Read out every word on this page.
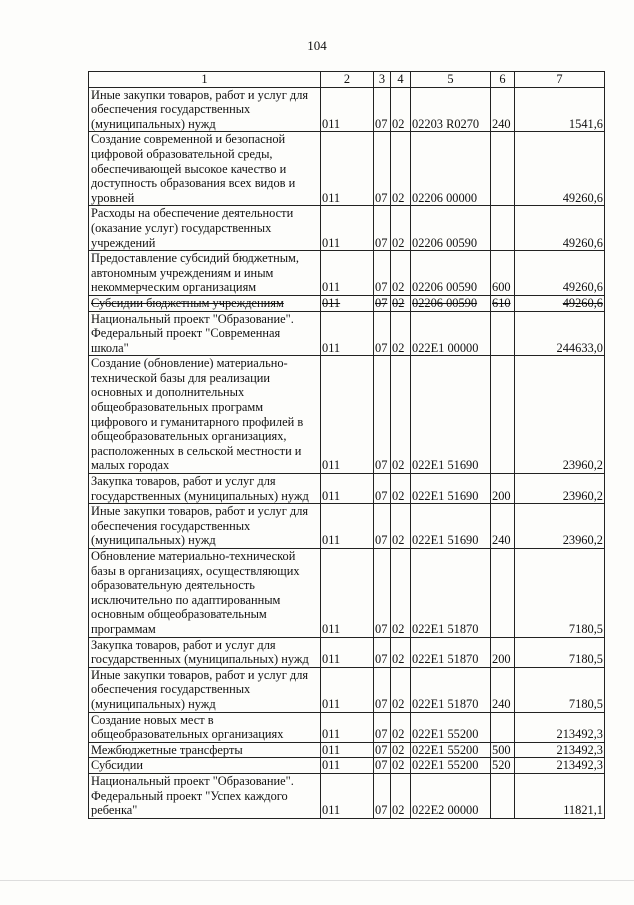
104
1	2	3	4	5	6	7
Иные закупки товаров, работ и услуг для обеспечения государственных (муниципальных) нужд	011	07	02	02203 R0270	240	1541,6
Создание современной и безопасной цифровой образовательной среды, обеспечивающей высокое качество и доступность образования всех видов и уровней	011	07	02	02206 00000		49260,6
Расходы на обеспечение деятельности (оказание услуг) государственных учреждений	011	07	02	02206 00590		49260,6
Предоставление субсидий бюджетным, автономным учреждениям и иным некоммерческим организациям	011	07	02	02206 00590	600	49260,6
Субсидии бюджетным учреждениям	011	07	02	02206 00590	610	49260,6
Национальный проект "Образование". Федеральный проект "Современная школа"	011	07	02	022E1 00000		244633,0
Создание (обновление) материально-технической базы для реализации основных и дополнительных общеобразовательных программ цифрового и гуманитарного профилей в общеобразовательных организациях, расположенных в сельской местности и малых городах	011	07	02	022E1 51690		23960,2
Закупка товаров, работ и услуг для государственных (муниципальных) нужд	011	07	02	022E1 51690	200	23960,2
Иные закупки товаров, работ и услуг для обеспечения государственных (муниципальных) нужд	011	07	02	022E1 51690	240	23960,2
Обновление материально-технической базы в организациях, осуществляющих образовательную деятельность исключительно по адаптированным основным общеобразовательным программам	011	07	02	022E1 51870		7180,5
Закупка товаров, работ и услуг для государственных (муниципальных) нужд	011	07	02	022E1 51870	200	7180,5
Иные закупки товаров, работ и услуг для обеспечения государственных (муниципальных) нужд	011	07	02	022E1 51870	240	7180,5
Создание новых мест в общеобразовательных организациях	011	07	02	022E1 55200		213492,3
Межбюджетные трансферты	011	07	02	022E1 55200	500	213492,3
Субсидии	011	07	02	022E1 55200	520	213492,3
Национальный проект "Образование". Федеральный проект "Успех каждого ребенка"	011	07	02	022E2 00000		11821,1
